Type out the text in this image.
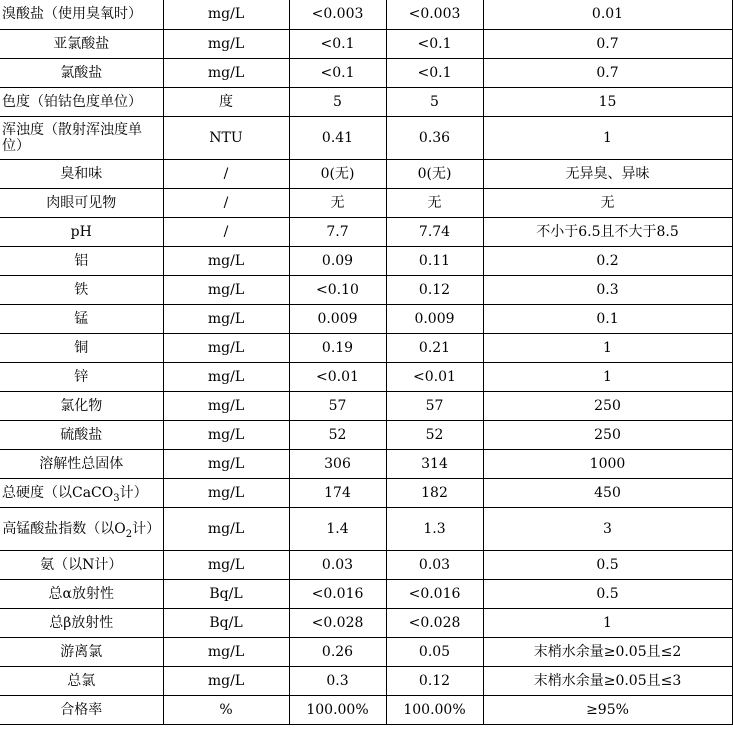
溴酸盐（使用臭氧时）	mg/L	<0.003	<0.003	0.01
亚氯酸盐	mg/L	<0.1	<0.1	0.7
氯酸盐	mg/L	<0.1	<0.1	0.7
色度（铂钴色度单位）	度	5	5	15
浑浊度（散射浑浊度单位）	NTU	0.41	0.36	1
臭和味	/	0(无)	0(无)	无异臭、异味
肉眼可见物	/	无	无	无
pH	/	7.7	7.74	不小于6.5且不大于8.5
铝	mg/L	0.09	0.11	0.2
铁	mg/L	<0.10	0.12	0.3
锰	mg/L	0.009	0.009	0.1
铜	mg/L	0.19	0.21	1
锌	mg/L	<0.01	<0.01	1
氯化物	mg/L	57	57	250
硫酸盐	mg/L	52	52	250
溶解性总固体	mg/L	306	314	1000
总硬度（以CaCO$_3$计）	mg/L	174	182	450
高锰酸盐指数（以$O_2$计）	mg/L	1.4	1.3	3
氨（以N计）	mg/L	0.03	0.03	0.5
总α放射性	Bq/L	<0.016	<0.016	0.5
总β放射性	Bq/L	<0.028	<0.028	1
游离氯	mg/L	0.26	0.05	末梢水余量≥0.05且≤2
总氯	mg/L	0.3	0.12	末梢水余量≥0.05且≤3
合格率	%	100.00%	100.00%	≥95%
